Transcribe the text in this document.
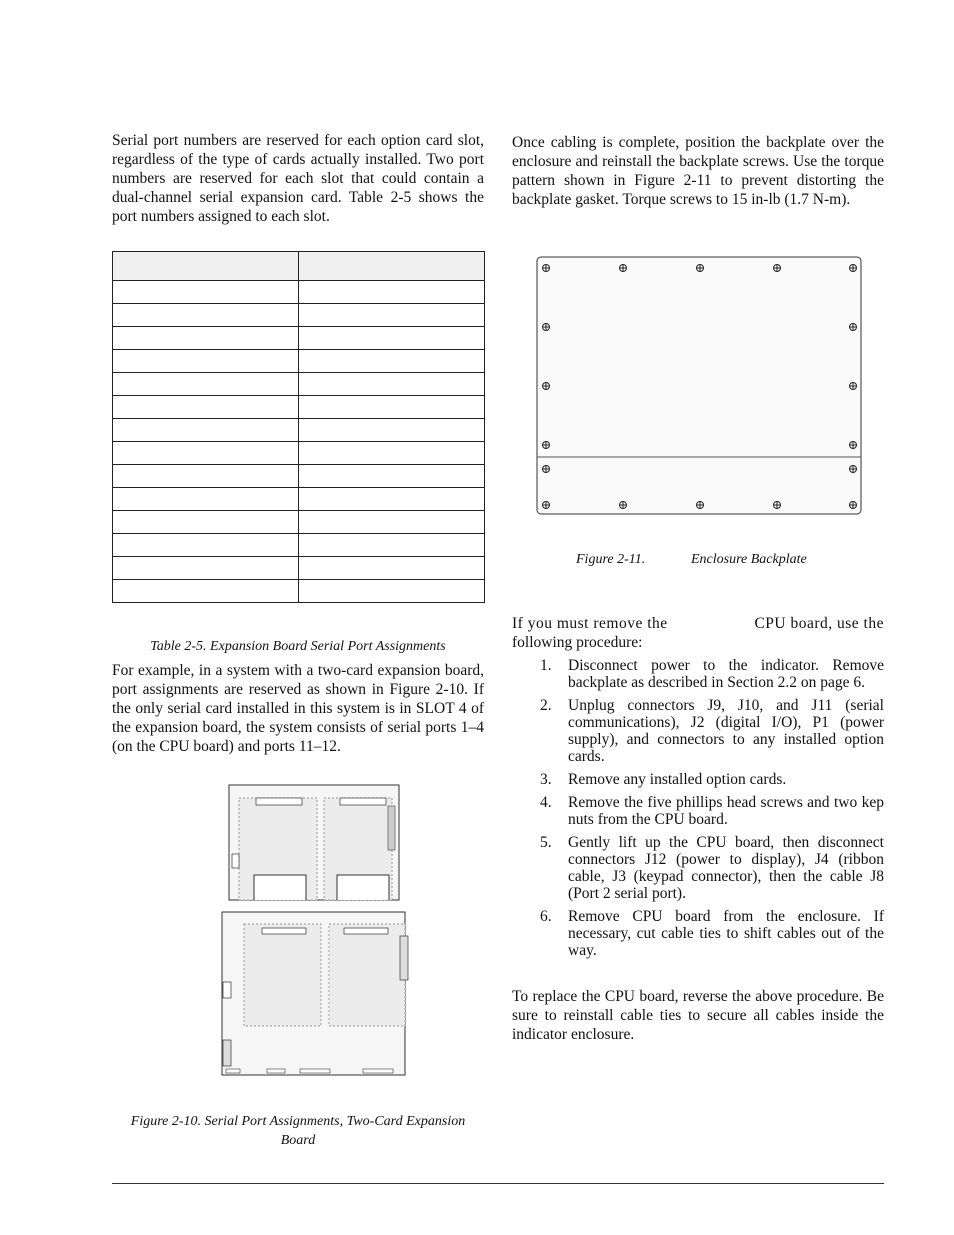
Serial port numbers are reserved for each option card slot, regardless of the type of cards actually installed. Two port numbers are reserved for each slot that could contain a dual-channel serial expansion card. Table 2-5 shows the port numbers assigned to each slot.

Table 2-5. Expansion Board Serial Port Assignments

For example, in a system with a two-card expansion board, port assignments are reserved as shown in Figure 2-10. If the only serial card installed in this system is in SLOT 4 of the expansion board, the system consists of serial ports 1–4 (on the CPU board) and ports 11–12.

Figure 2-10. Serial Port Assignments, Two-Card Expansion Board

Once cabling is complete, position the backplate over the enclosure and reinstall the backplate screws. Use the torque pattern shown in Figure 2-11 to prevent distorting the backplate gasket. Torque screws to 15 in-lb (1.7 N-m).

Figure 2-11.	Enclosure Backplate
If you must remove the	CPU board, use the

following procedure:

1. Disconnect power to the indicator. Remove backplate as described in Section 2.2 on page 6.
2. Unplug connectors J9, J10, and J11 (serial communications), J2 (digital I/O), P1 (power supply), and connectors to any installed option cards.
3. Remove any installed option cards.
4. Remove the five phillips head screws and two kep nuts from the CPU board.
5. Gently lift up the CPU board, then disconnect connectors J12 (power to display), J4 (ribbon cable, J3 (keypad connector), then the cable J8 (Port 2 serial port).
6. Remove CPU board from the enclosure. If necessary, cut cable ties to shift cables out of the way.

To replace the CPU board, reverse the above procedure. Be sure to reinstall cable ties to secure all cables inside the indicator enclosure.
